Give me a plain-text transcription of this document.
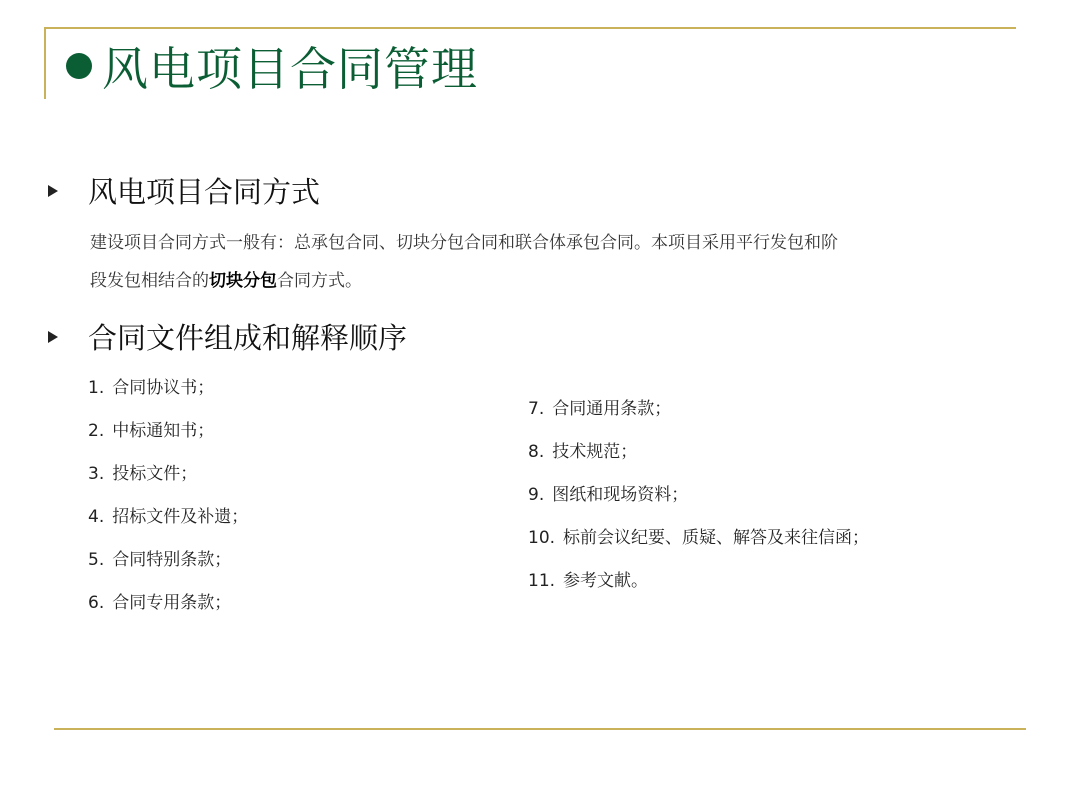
风电项目合同管理
风电项目合同方式
建设项目合同方式一般有：总承包合同、切块分包合同和联合体承包合同。本项目采用平行发包和阶
段发包相结合的切块分包合同方式。
合同文件组成和解释顺序
1. 合同协议书；
2. 中标通知书；
3. 投标文件；
4. 招标文件及补遗；
5. 合同特别条款；
6. 合同专用条款；
7. 合同通用条款；
8. 技术规范；
9. 图纸和现场资料；
10. 标前会议纪要、质疑、解答及来往信函；
11. 参考文献。
